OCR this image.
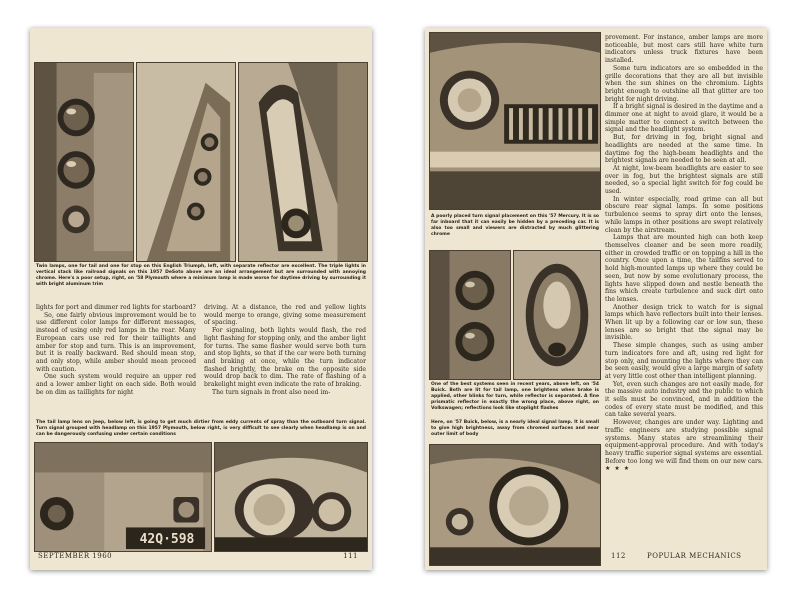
Twin lamps, one for tail and one for stop on this English Triumph, left, with separate reflector are excellent. The triple lights in vertical stack like railroad signals on this 1957 DeSoto above are an ideal arrangement but are surrounded with annoying chrome. Here's a poor setup, right, on '58 Plymouth where a minimum lamp is made worse for daytime driving by surrounding it with bright aluminum trim

lights for port and dimmer red lights for starboard?

So, one fairly obvious improvement would be to use different color lamps for different messages, instead of using only red lamps in the rear. Many European cars use red for their taillights and amber for stop and turn. This is an improvement, but it is really backward. Red should mean stop, and only stop, while amber should mean proceed with caution.

One such system would require an upper red and a lower amber light on each side. Both would be on dim as taillights for night

driving. At a distance, the red and yellow lights would merge to orange, giving some measurement of spacing.

For signaling, both lights would flash, the red light flashing for stopping only, and the amber light for turns. The same flasher would serve both turn and stop lights, so that if the car were both turning and braking at once, while the turn indicator flashed brightly, the brake on the opposite side would drop back to dim. The rate of flashing of a brakelight might even indicate the rate of braking.

The turn signals in front also need im-

The tail lamp lens on Jeep, below left, is going to get much dirtier from eddy currents of spray than the outboard turn signal. Turn signal grouped with headlamp on this 1957 Plymouth, below right, is very difficult to see clearly when headlamp is on and can be dangerously confusing under certain conditions

42Q·598
SEPTEMBER 1960	111

A poorly placed turn signal placement on this '57 Mercury. It is so far inboard that it can easily be hidden by a preceding car. It is also too small and viewers are distracted by much glittering chrome

One of the best systems seen in recent years, above left, on '54 Buick. Both are lit for tail lamp, one brightens when brake is applied, other blinks for turn, while reflector is separated. A fine prismatic reflector in exactly the wrong place, above right, on Volkswagen; reflections look like stoplight flashes

Here, on '57 Buick, below, is a nearly ideal signal lamp. It is small to give high brightness, away from chromed surfaces and near outer limit of body

provement. For instance, amber lamps are more noticeable, but most cars still have white turn indicators unless truck fixtures have been installed.

Some turn indicators are so embedded in the grille decorations that they are all but invisible when the sun shines on the chromium. Lights bright enough to outshine all that glitter are too bright for night driving.

If a bright signal is desired in the daytime and a dimmer one at night to avoid glare, it would be a simple matter to connect a switch between the signal and the headlight system.

But, for driving in fog, bright signal and headlights are needed at the same time. In daytime fog the high-beam headlights and the brightest signals are needed to be seen at all.

At night, low-beam headlights are easier to see over in fog, but the brightest signals are still needed, so a special light switch for fog could be used.

In winter especially, road grime can all but obscure rear signal lamps. In some positions turbulence seems to spray dirt onto the lenses, while lamps in other positions are swept relatively clean by the airstream.

Lamps that are mounted high can both keep themselves cleaner and be seen more readily, either in crowded traffic or on topping a hill in the country. Once upon a time, the tailfins served to hold high-mounted lamps up where they could be seen, but now by some evolutionary process, the lights have slipped down and nestle beneath the fins which create turbulence and suck dirt onto the lenses.

Another design trick to watch for is signal lamps which have reflectors built into their lenses. When lit up by a following car or low sun, these lenses are so bright that the signal may be invisible.

These simple changes, such as using amber turn indicators fore and aft, using red light for stop only, and mounting the lights where they can be seen easily, would give a large margin of safety at very little cost other than intelligent planning.

Yet, even such changes are not easily made, for the massive auto industry and the public to which it sells must be convinced, and in addition the codes of every state must be modified, and this can take several years.

However, changes are under way. Lighting and traffic engineers are studying possible signal systems. Many states are streamlining their equipment-approval procedure. And with today's heavy traffic superior signal systems are essential. Before too long we will find them on our new cars. ★ ★ ★

112	POPULAR MECHANICS
